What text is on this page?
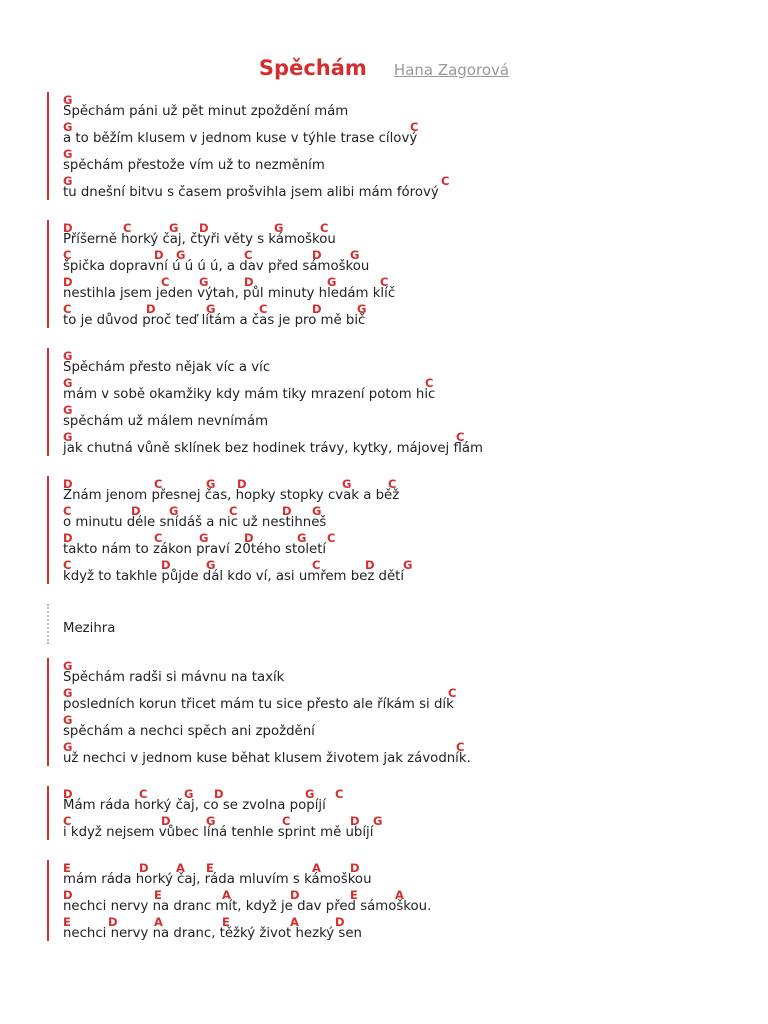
Spěchám Hana Zagorová
G
Spěchám páni už pět minut zpoždění mám
G	C
a to běžím klusem v jednom kuse v týhle trase cílový
G
spěchám přestože vím už to nezměním
G	C
tu dnešní bitvu s časem prošvihla jsem alibi mám fórový
D	C	G D	G	C
Příšerně horký čaj, čtyři věty s kámoškou
C	D G	C	D G
špička dopravní ú ú ú ú, a dav před sámoškou
D	C	G	D	G	C
nestihla jsem jeden výtah, půl minuty hledám klíč
C	D	G	C	D	G
to je důvod proč teď lítám a čas je pro mě bič
G
Spěchám přesto nějak víc a víc
G	C
mám v sobě okamžiky kdy mám tiky mrazení potom hic
G
spěchám už málem nevnímám
G	C
jak chutná vůně sklínek bez hodinek trávy, kytky, májovej flám
D	C	G D	G	C
Znám jenom přesnej čas, hopky stopky cvak a běž
C	D G	C	D G
o minutu déle snídáš a nic už nestihneš
D	C	G	D	G C
takto nám to zákon praví 20tého století
C	D	G	C	D G
když to takhle půjde dál kdo ví, asi umřem bez dětí
Mezihra
G
Spěchám radši si mávnu na taxík
G	C
posledních korun třicet mám tu sice přesto ale říkám si dík
G
spěchám a nechci spěch ani zpoždění
G	C
už nechci v jednom kuse běhat klusem životem jak závodník.
D	C	G D	G C
Mám ráda horký čaj, co se zvolna popíjí
C	D	G	C	D G
i když nejsem vůbec líná tenhle sprint mě ubíjí
E	D A E	A	D
mám ráda horký čaj, ráda mluvím s kámoškou
D	E	A	D	E	A
nechci nervy na dranc mít, když je dav před sámoškou.
E	D	A	E	A	D
nechci nervy na dranc, těžký život hezký sen
